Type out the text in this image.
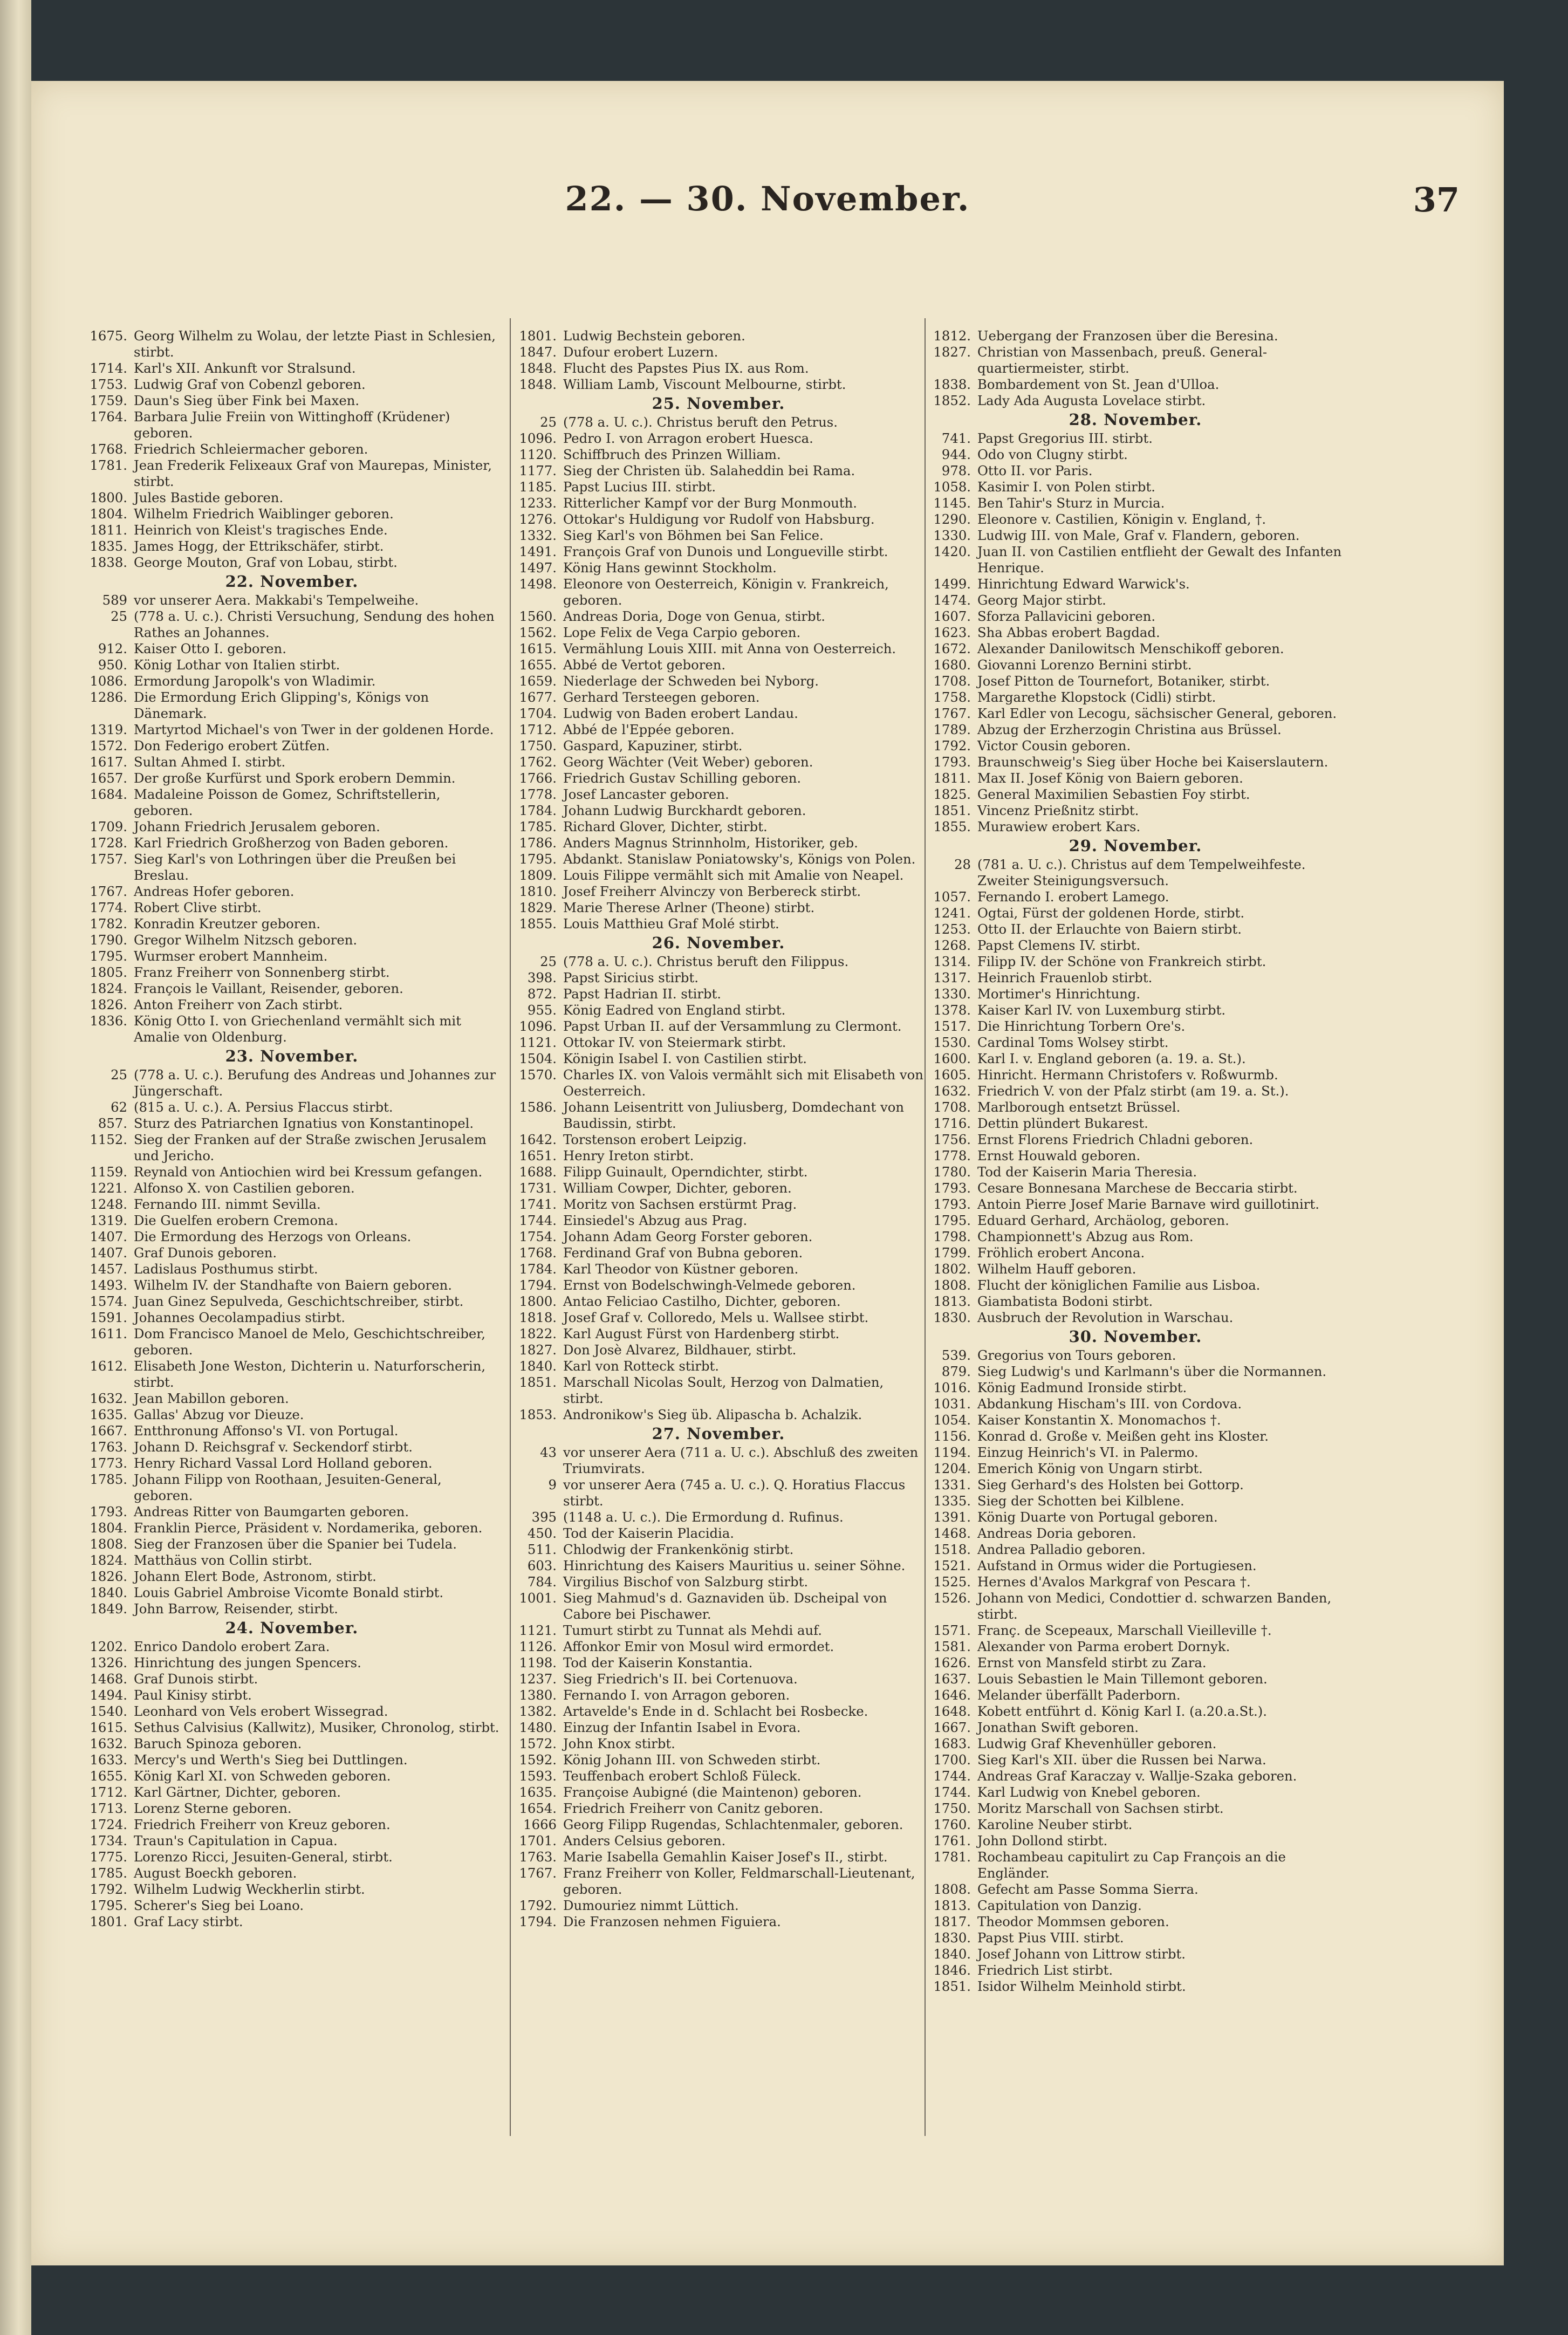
22. — 30. November.	37
1675. Georg Wilhelm zu Wolau, der letzte Piast in Schlesien, stirbt.
1714. Karl's XII. Ankunft vor Stralsund.
1753. Ludwig Graf von Cobenzl geboren.
1759. Daun's Sieg über Fink bei Maxen.
1764. Barbara Julie Freiin von Wittinghoff (Krüdener) geboren.
1768. Friedrich Schleiermacher geboren.
1781. Jean Frederik Felixeaux Graf von Maurepas, Minister, stirbt.
1800. Jules Bastide geboren.
1804. Wilhelm Friedrich Waiblinger geboren.
1811. Heinrich von Kleist's tragisches Ende.
1835. James Hogg, der Ettrikschäfer, stirbt.
1838. George Mouton, Graf von Lobau, stirbt.
22. November.
589 vor unserer Aera. Makkabi's Tempelweihe.
25 (778 a. U. c.). Christi Versuchung, Sendung des hohen Rathes an Johannes.
912. Kaiser Otto I. geboren.
950. König Lothar von Italien stirbt.
1086. Ermordung Jaropolk's von Wladimir.
1286. Die Ermordung Erich Glipping's, Königs von Dänemark.
1319. Martyrtod Michael's von Twer in der goldenen Horde.
1572. Don Federigo erobert Zütfen.
1617. Sultan Ahmed I. stirbt.
1657. Der große Kurfürst und Spork erobern Demmin.
1684. Madaleine Poisson de Gomez, Schriftstellerin, geboren.
1709. Johann Friedrich Jerusalem geboren.
1728. Karl Friedrich Großherzog von Baden geboren.
1757. Sieg Karl's von Lothringen über die Preußen bei Breslau.
1767. Andreas Hofer geboren.
1774. Robert Clive stirbt.
1782. Konradin Kreutzer geboren.
1790. Gregor Wilhelm Nitzsch geboren.
1795. Wurmser erobert Mannheim.
1805. Franz Freiherr von Sonnenberg stirbt.
1824. François le Vaillant, Reisender, geboren.
1826. Anton Freiherr von Zach stirbt.
1836. König Otto I. von Griechenland vermählt sich mit Amalie von Oldenburg.
23. November.
25 (778 a. U. c.). Berufung des Andreas und Johannes zur Jüngerschaft.
62 (815 a. U. c.). A. Persius Flaccus stirbt.
857. Sturz des Patriarchen Ignatius von Konstantinopel.
1152. Sieg der Franken auf der Straße zwischen Jerusalem und Jericho.
1159. Reynald von Antiochien wird bei Kressum gefangen.
1221. Alfonso X. von Castilien geboren.
1248. Fernando III. nimmt Sevilla.
1319. Die Guelfen erobern Cremona.
1407. Die Ermordung des Herzogs von Orleans.
1407. Graf Dunois geboren.
1457. Ladislaus Posthumus stirbt.
1493. Wilhelm IV. der Standhafte von Baiern geboren.
1574. Juan Ginez Sepulveda, Geschichtschreiber, stirbt.
1591. Johannes Oecolampadius stirbt.
1611. Dom Francisco Manoel de Melo, Geschichtschreiber, geboren.
1612. Elisabeth Jone Weston, Dichterin u. Naturforscherin, stirbt.
1632. Jean Mabillon geboren.
1635. Gallas' Abzug vor Dieuze.
1667. Entthronung Affonso's VI. von Portugal.
1763. Johann D. Reichsgraf v. Seckendorf stirbt.
1773. Henry Richard Vassal Lord Holland geboren.
1785. Johann Filipp von Roothaan, Jesuiten-General, geboren.
1793. Andreas Ritter von Baumgarten geboren.
1804. Franklin Pierce, Präsident v. Nordamerika, geboren.
1808. Sieg der Franzosen über die Spanier bei Tudela.
1824. Matthäus von Collin stirbt.
1826. Johann Elert Bode, Astronom, stirbt.
1840. Louis Gabriel Ambroise Vicomte Bonald stirbt.
1849. John Barrow, Reisender, stirbt.
24. November.
1202. Enrico Dandolo erobert Zara.
1326. Hinrichtung des jungen Spencers.
1468. Graf Dunois stirbt.
1494. Paul Kinisy stirbt.
1540. Leonhard von Vels erobert Wissegrad.
1615. Sethus Calvisius (Kallwitz), Musiker, Chronolog, stirbt.
1632. Baruch Spinoza geboren.
1633. Mercy's und Werth's Sieg bei Duttlingen.
1655. König Karl XI. von Schweden geboren.
1712. Karl Gärtner, Dichter, geboren.
1713. Lorenz Sterne geboren.
1724. Friedrich Freiherr von Kreuz geboren.
1734. Traun's Capitulation in Capua.
1775. Lorenzo Ricci, Jesuiten-General, stirbt.
1785. August Boeckh geboren.
1792. Wilhelm Ludwig Weckherlin stirbt.
1795. Scherer's Sieg bei Loano.
1801. Graf Lacy stirbt.
1801. Ludwig Bechstein geboren.
1847. Dufour erobert Luzern.
1848. Flucht des Papstes Pius IX. aus Rom.
1848. William Lamb, Viscount Melbourne, stirbt.
25. November.
25 (778 a. U. c.). Christus beruft den Petrus.
1096. Pedro I. von Arragon erobert Huesca.
1120. Schiffbruch des Prinzen William.
1177. Sieg der Christen üb. Salaheddin bei Rama.
1185. Papst Lucius III. stirbt.
1233. Ritterlicher Kampf vor der Burg Monmouth.
1276. Ottokar's Huldigung vor Rudolf von Habsburg.
1332. Sieg Karl's von Böhmen bei San Felice.
1491. François Graf von Dunois und Longueville stirbt.
1497. König Hans gewinnt Stockholm.
1498. Eleonore von Oesterreich, Königin v. Frankreich, geboren.
1560. Andreas Doria, Doge von Genua, stirbt.
1562. Lope Felix de Vega Carpio geboren.
1615. Vermählung Louis XIII. mit Anna von Oesterreich.
1655. Abbé de Vertot geboren.
1659. Niederlage der Schweden bei Nyborg.
1677. Gerhard Tersteegen geboren.
1704. Ludwig von Baden erobert Landau.
1712. Abbé de l'Eppée geboren.
1750. Gaspard, Kapuziner, stirbt.
1762. Georg Wächter (Veit Weber) geboren.
1766. Friedrich Gustav Schilling geboren.
1778. Josef Lancaster geboren.
1784. Johann Ludwig Burckhardt geboren.
1785. Richard Glover, Dichter, stirbt.
1786. Anders Magnus Strinnholm, Historiker, geb.
1795. Abdankt. Stanislaw Poniatowsky's, Königs von Polen.
1809. Louis Filippe vermählt sich mit Amalie von Neapel.
1810. Josef Freiherr Alvinczy von Berbereck stirbt.
1829. Marie Therese Arlner (Theone) stirbt.
1855. Louis Matthieu Graf Molé stirbt.
26. November.
25 (778 a. U. c.). Christus beruft den Filippus.
398. Papst Siricius stirbt.
872. Papst Hadrian II. stirbt.
955. König Eadred von England stirbt.
1096. Papst Urban II. auf der Versammlung zu Clermont.
1121. Ottokar IV. von Steiermark stirbt.
1504. Königin Isabel I. von Castilien stirbt.
1570. Charles IX. von Valois vermählt sich mit Elisabeth von Oesterreich.
1586. Johann Leisentritt von Juliusberg, Domdechant von Baudissin, stirbt.
1642. Torstenson erobert Leipzig.
1651. Henry Ireton stirbt.
1688. Filipp Guinault, Operndichter, stirbt.
1731. William Cowper, Dichter, geboren.
1741. Moritz von Sachsen erstürmt Prag.
1744. Einsiedel's Abzug aus Prag.
1754. Johann Adam Georg Forster geboren.
1768. Ferdinand Graf von Bubna geboren.
1784. Karl Theodor von Küstner geboren.
1794. Ernst von Bodelschwingh-Velmede geboren.
1800. Antao Feliciao Castilho, Dichter, geboren.
1818. Josef Graf v. Colloredo, Mels u. Wallsee stirbt.
1822. Karl August Fürst von Hardenberg stirbt.
1827. Don Josè Alvarez, Bildhauer, stirbt.
1840. Karl von Rotteck stirbt.
1851. Marschall Nicolas Soult, Herzog von Dalmatien, stirbt.
1853. Andronikow's Sieg üb. Alipascha b. Achalzik.
27. November.
43 vor unserer Aera (711 a. U. c.). Abschluß des zweiten Triumvirats.
9 vor unserer Aera (745 a. U. c.). Q. Horatius Flaccus stirbt.
395 (1148 a. U. c.). Die Ermordung d. Rufinus.
450. Tod der Kaiserin Placidia.
511. Chlodwig der Frankenkönig stirbt.
603. Hinrichtung des Kaisers Mauritius u. seiner Söhne.
784. Virgilius Bischof von Salzburg stirbt.
1001. Sieg Mahmud's d. Gaznaviden üb. Dscheipal von Cabore bei Pischawer.
1121. Tumurt stirbt zu Tunnat als Mehdi auf.
1126. Affonkor Emir von Mosul wird ermordet.
1198. Tod der Kaiserin Konstantia.
1237. Sieg Friedrich's II. bei Cortenuova.
1380. Fernando I. von Arragon geboren.
1382. Artavelde's Ende in d. Schlacht bei Rosbecke.
1480. Einzug der Infantin Isabel in Evora.
1572. John Knox stirbt.
1592. König Johann III. von Schweden stirbt.
1593. Teuffenbach erobert Schloß Füleck.
1635. Françoise Aubigné (die Maintenon) geboren.
1654. Friedrich Freiherr von Canitz geboren.
1666 Georg Filipp Rugendas, Schlachtenmaler, geboren.
1701. Anders Celsius geboren.
1763. Marie Isabella Gemahlin Kaiser Josef's II., stirbt.
1767. Franz Freiherr von Koller, Feldmarschall-Lieutenant, geboren.
1792. Dumouriez nimmt Lüttich.
1794. Die Franzosen nehmen Figuiera.
1812. Uebergang der Franzosen über die Beresina.
1827. Christian von Massenbach, preuß. General-quartiermeister, stirbt.
1838. Bombardement von St. Jean d'Ulloa.
1852. Lady Ada Augusta Lovelace stirbt.
28. November.
741. Papst Gregorius III. stirbt.
944. Odo von Clugny stirbt.
978. Otto II. vor Paris.
1058. Kasimir I. von Polen stirbt.
1145. Ben Tahir's Sturz in Murcia.
1290. Eleonore v. Castilien, Königin v. England, †.
1330. Ludwig III. von Male, Graf v. Flandern, geboren.
1420. Juan II. von Castilien entflieht der Gewalt des Infanten Henrique.
1499. Hinrichtung Edward Warwick's.
1474. Georg Major stirbt.
1607. Sforza Pallavicini geboren.
1623. Sha Abbas erobert Bagdad.
1672. Alexander Danilowitsch Menschikoff geboren.
1680. Giovanni Lorenzo Bernini stirbt.
1708. Josef Pitton de Tournefort, Botaniker, stirbt.
1758. Margarethe Klopstock (Cidli) stirbt.
1767. Karl Edler von Lecogu, sächsischer General, geboren.
1789. Abzug der Erzherzogin Christina aus Brüssel.
1792. Victor Cousin geboren.
1793. Braunschweig's Sieg über Hoche bei Kaiserslautern.
1811. Max II. Josef König von Baiern geboren.
1825. General Maximilien Sebastien Foy stirbt.
1851. Vincenz Prießnitz stirbt.
1855. Murawiew erobert Kars.
29. November.
28 (781 a. U. c.). Christus auf dem Tempelweihfeste. Zweiter Steinigungsversuch.
1057. Fernando I. erobert Lamego.
1241. Ogtai, Fürst der goldenen Horde, stirbt.
1253. Otto II. der Erlauchte von Baiern stirbt.
1268. Papst Clemens IV. stirbt.
1314. Filipp IV. der Schöne von Frankreich stirbt.
1317. Heinrich Frauenlob stirbt.
1330. Mortimer's Hinrichtung.
1378. Kaiser Karl IV. von Luxemburg stirbt.
1517. Die Hinrichtung Torbern Ore's.
1530. Cardinal Toms Wolsey stirbt.
1600. Karl I. v. England geboren (a. 19. a. St.).
1605. Hinricht. Hermann Christofers v. Roßwurmb.
1632. Friedrich V. von der Pfalz stirbt (am 19. a. St.).
1708. Marlborough entsetzt Brüssel.
1716. Dettin plündert Bukarest.
1756. Ernst Florens Friedrich Chladni geboren.
1778. Ernst Houwald geboren.
1780. Tod der Kaiserin Maria Theresia.
1793. Cesare Bonnesana Marchese de Beccaria stirbt.
1793. Antoin Pierre Josef Marie Barnave wird guillotinirt.
1795. Eduard Gerhard, Archäolog, geboren.
1798. Championnett's Abzug aus Rom.
1799. Fröhlich erobert Ancona.
1802. Wilhelm Hauff geboren.
1808. Flucht der königlichen Familie aus Lisboa.
1813. Giambatista Bodoni stirbt.
1830. Ausbruch der Revolution in Warschau.
30. November.
539. Gregorius von Tours geboren.
879. Sieg Ludwig's und Karlmann's über die Normannen.
1016. König Eadmund Ironside stirbt.
1031. Abdankung Hischam's III. von Cordova.
1054. Kaiser Konstantin X. Monomachos †.
1156. Konrad d. Große v. Meißen geht ins Kloster.
1194. Einzug Heinrich's VI. in Palermo.
1204. Emerich König von Ungarn stirbt.
1331. Sieg Gerhard's des Holsten bei Gottorp.
1335. Sieg der Schotten bei Kilblene.
1391. König Duarte von Portugal geboren.
1468. Andreas Doria geboren.
1518. Andrea Palladio geboren.
1521. Aufstand in Ormus wider die Portugiesen.
1525. Hernes d'Avalos Markgraf von Pescara †.
1526. Johann von Medici, Condottier d. schwarzen Banden, stirbt.
1571. Franç. de Scepeaux, Marschall Vieilleville †.
1581. Alexander von Parma erobert Dornyk.
1626. Ernst von Mansfeld stirbt zu Zara.
1637. Louis Sebastien le Main Tillemont geboren.
1646. Melander überfällt Paderborn.
1648. Kobett entführt d. König Karl I. (a.20.a.St.).
1667. Jonathan Swift geboren.
1683. Ludwig Graf Khevenhüller geboren.
1700. Sieg Karl's XII. über die Russen bei Narwa.
1744. Andreas Graf Karaczay v. Wallje-Szaka geboren.
1744. Karl Ludwig von Knebel geboren.
1750. Moritz Marschall von Sachsen stirbt.
1760. Karoline Neuber stirbt.
1761. John Dollond stirbt.
1781. Rochambeau capitulirt zu Cap François an die Engländer.
1808. Gefecht am Passe Somma Sierra.
1813. Capitulation von Danzig.
1817. Theodor Mommsen geboren.
1830. Papst Pius VIII. stirbt.
1840. Josef Johann von Littrow stirbt.
1846. Friedrich List stirbt.
1851. Isidor Wilhelm Meinhold stirbt.
